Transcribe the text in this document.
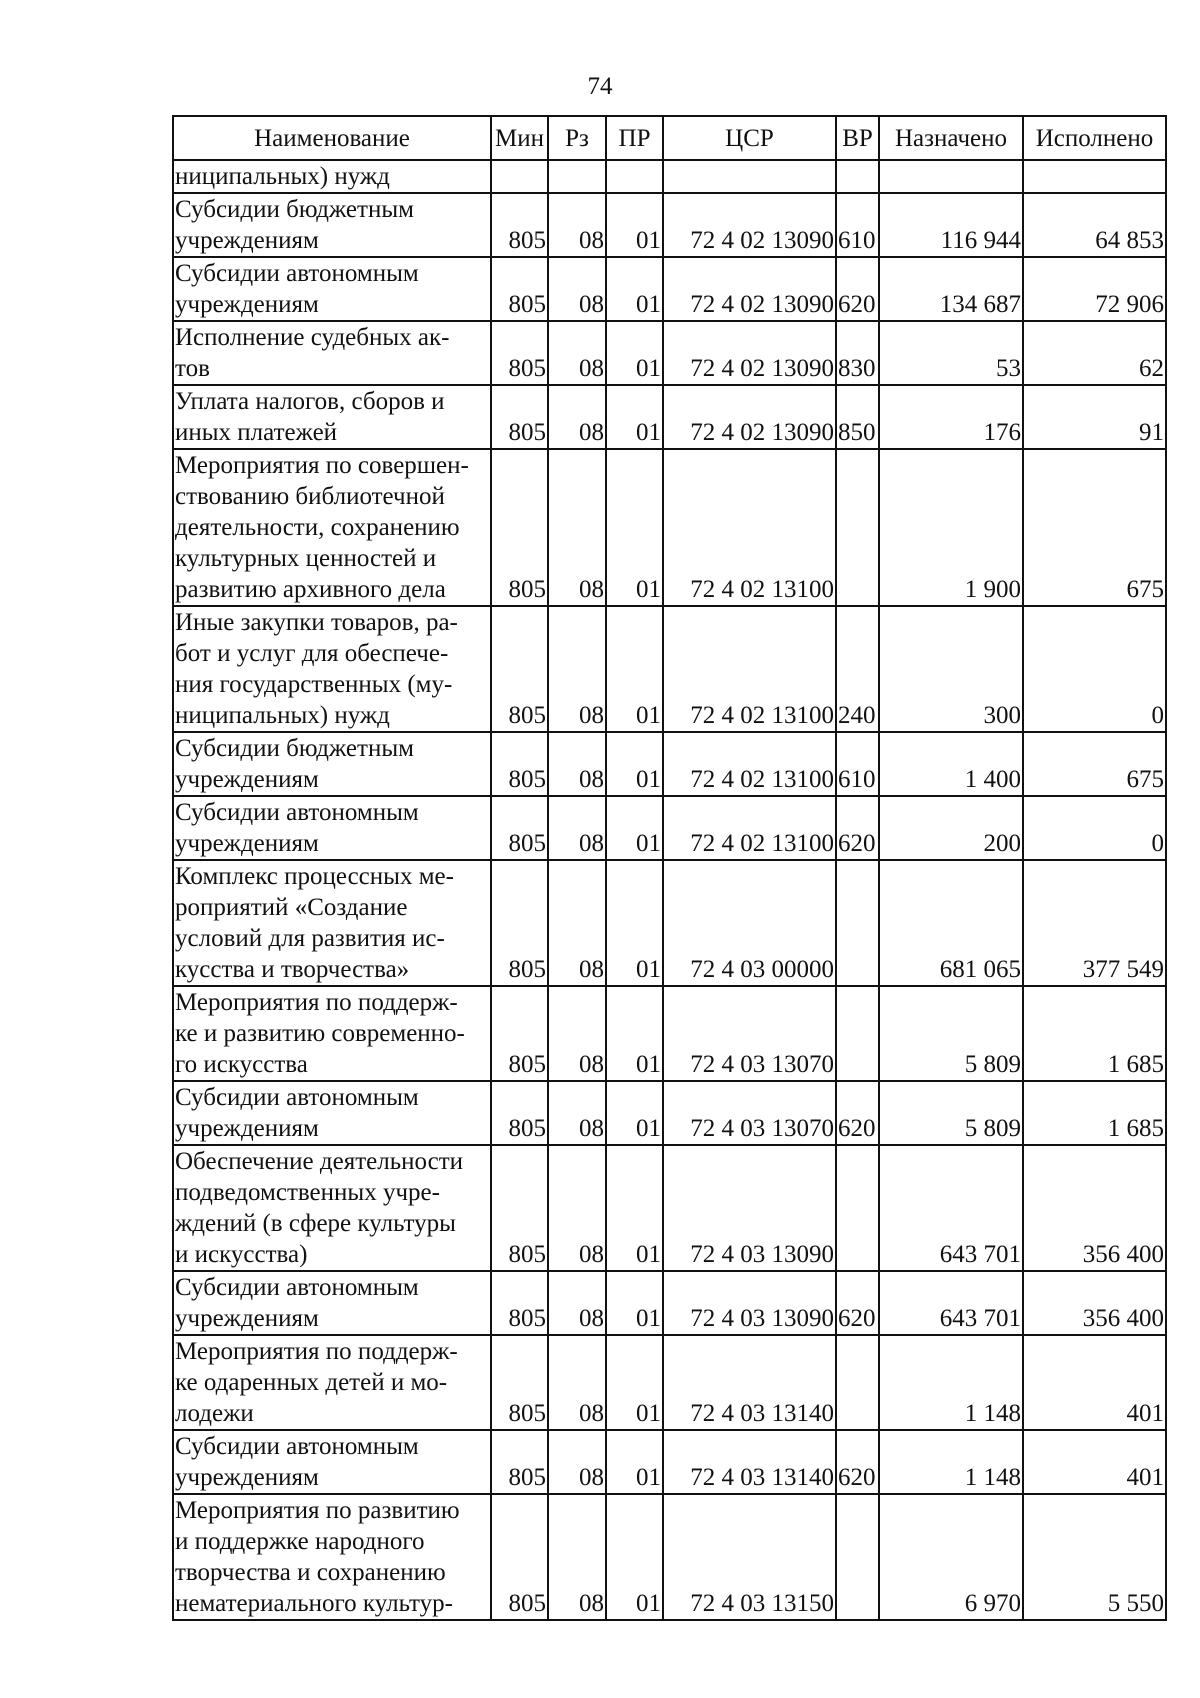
74
Наименование	Мин	Рз	ПР	ЦСР	ВР	Назначено	Исполнено
ниципальных) нужд							
Субсидии бюджетным
учреждениям	805	08	01	72 4 02 13090	610	116 944	64 853
Субсидии автономным
учреждениям	805	08	01	72 4 02 13090	620	134 687	72 906
Исполнение судебных ак-
тов	805	08	01	72 4 02 13090	830	53	62
Уплата налогов, сборов и
иных платежей	805	08	01	72 4 02 13090	850	176	91
Мероприятия по совершен-
ствованию библиотечной
деятельности, сохранению
культурных ценностей и
развитию архивного дела	805	08	01	72 4 02 13100		1 900	675
Иные закупки товаров, ра-
бот и услуг для обеспече-
ния государственных (му-
ниципальных) нужд	805	08	01	72 4 02 13100	240	300	0
Субсидии бюджетным
учреждениям	805	08	01	72 4 02 13100	610	1 400	675
Субсидии автономным
учреждениям	805	08	01	72 4 02 13100	620	200	0
Комплекс процессных ме-
роприятий «Создание
условий для развития ис-
кусства и творчества»	805	08	01	72 4 03 00000		681 065	377 549
Мероприятия по поддерж-
ке и развитию современно-
го искусства	805	08	01	72 4 03 13070		5 809	1 685
Субсидии автономным
учреждениям	805	08	01	72 4 03 13070	620	5 809	1 685
Обеспечение деятельности
подведомственных учре-
ждений (в сфере культуры
и искусства)	805	08	01	72 4 03 13090		643 701	356 400
Субсидии автономным
учреждениям	805	08	01	72 4 03 13090	620	643 701	356 400
Мероприятия по поддерж-
ке одаренных детей и мо-
лодежи	805	08	01	72 4 03 13140		1 148	401
Субсидии автономным
учреждениям	805	08	01	72 4 03 13140	620	1 148	401
Мероприятия по развитию
и поддержке народного
творчества и сохранению
нематериального культур-	805	08	01	72 4 03 13150		6 970	5 550
